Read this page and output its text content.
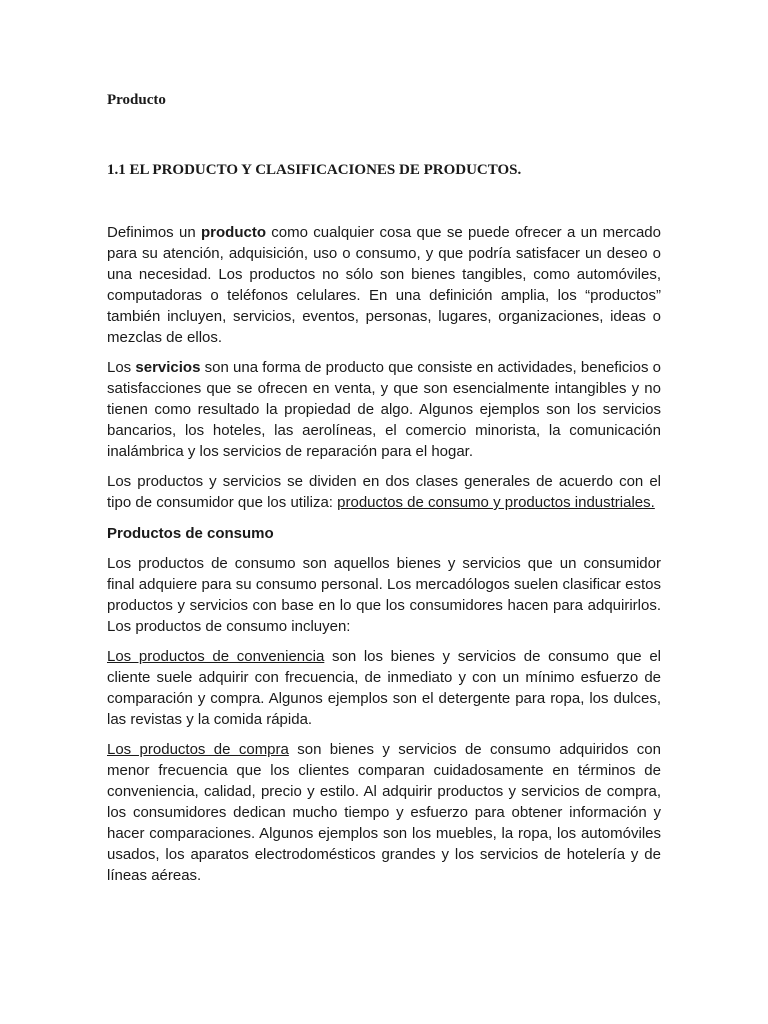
Producto
1.1 EL PRODUCTO Y CLASIFICACIONES DE PRODUCTOS.

Definimos un producto como cualquier cosa que se puede ofrecer a un mercado para su atención, adquisición, uso o consumo, y que podría satisfacer un deseo o una necesidad. Los productos no sólo son bienes tangibles, como automóviles, computadoras o teléfonos celulares. En una definición amplia, los “productos” también incluyen, servicios, eventos, personas, lugares, organizaciones, ideas o mezclas de ellos.

Los servicios son una forma de producto que consiste en actividades, beneficios o satisfacciones que se ofrecen en venta, y que son esencialmente intangibles y no tienen como resultado la propiedad de algo. Algunos ejemplos son los servicios bancarios, los hoteles, las aerolíneas, el comercio minorista, la comunicación inalámbrica y los servicios de reparación para el hogar.

Los productos y servicios se dividen en dos clases generales de acuerdo con el tipo de consumidor que los utiliza: productos de consumo y productos industriales.

Productos de consumo

Los productos de consumo son aquellos bienes y servicios que un consumidor final adquiere para su consumo personal. Los mercadólogos suelen clasificar estos productos y servicios con base en lo que los consumidores hacen para adquirirlos. Los productos de consumo incluyen:

Los productos de conveniencia son los bienes y servicios de consumo que el cliente suele adquirir con frecuencia, de inmediato y con un mínimo esfuerzo de comparación y compra. Algunos ejemplos son el detergente para ropa, los dulces, las revistas y la comida rápida.

Los productos de compra son bienes y servicios de consumo adquiridos con menor frecuencia que los clientes comparan cuidadosamente en términos de conveniencia, calidad, precio y estilo. Al adquirir productos y servicios de compra, los consumidores dedican mucho tiempo y esfuerzo para obtener información y hacer comparaciones. Algunos ejemplos son los muebles, la ropa, los automóviles usados, los aparatos electrodomésticos grandes y los servicios de hotelería y de líneas aéreas.
